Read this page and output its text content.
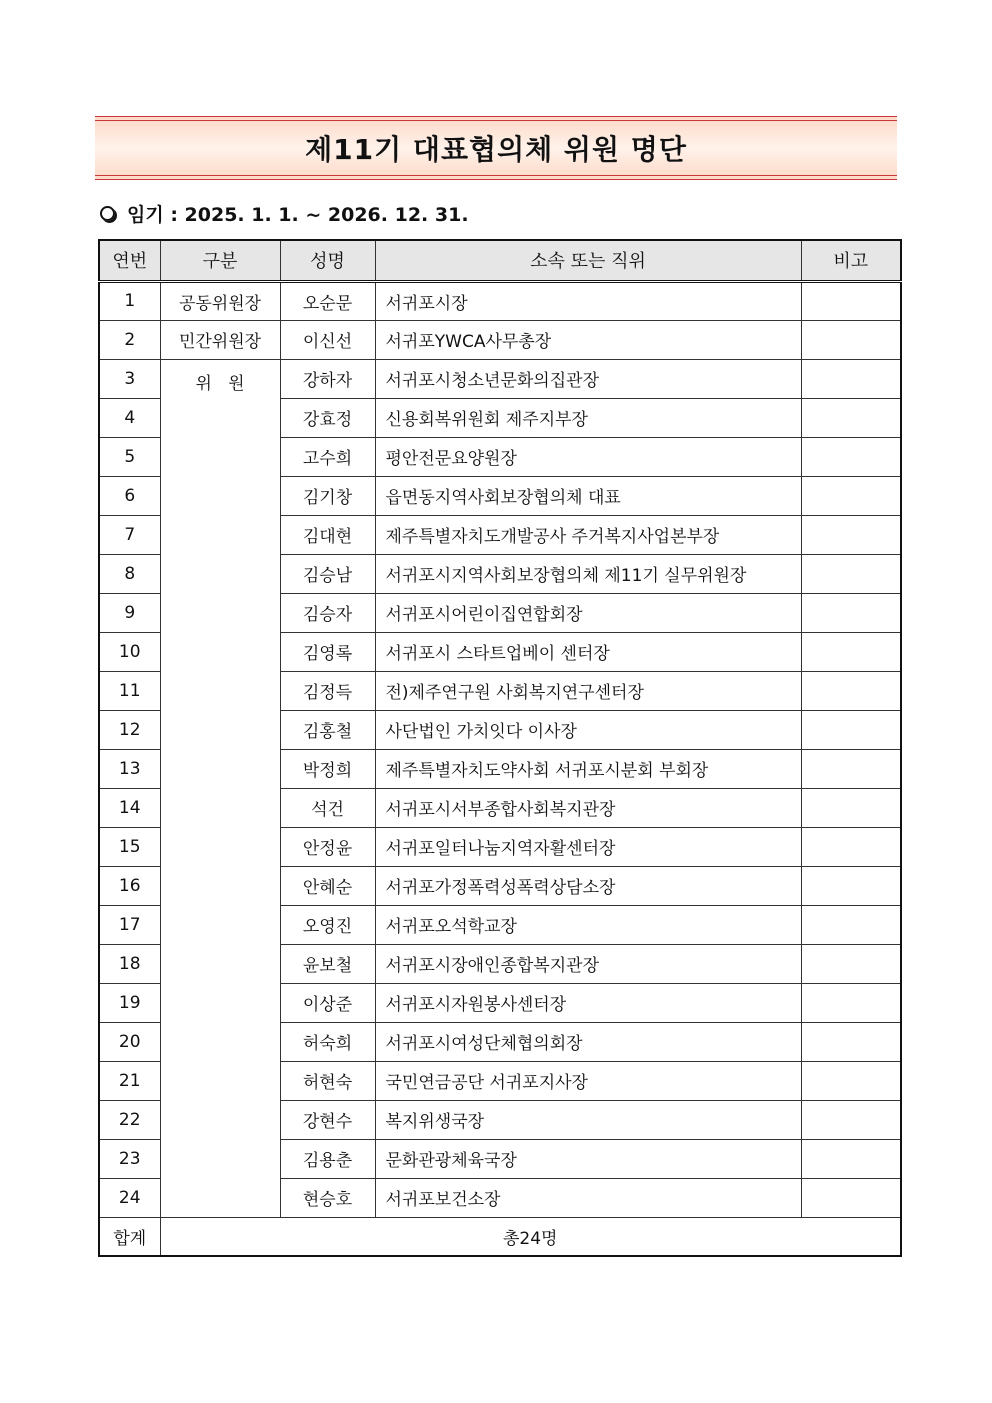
제11기 대표협의체 위원 명단
임기 : 2025. 1. 1. ~ 2026. 12. 31.
연번	구분	성명	소속 또는 직위	비고
1	공동위원장	오순문	서귀포시장	
2	민간위원장	이신선	서귀포YWCA사무총장	
3	위   원	강하자	서귀포시청소년문화의집관장	
4		강효정	신용회복위원회 제주지부장	
5		고수희	평안전문요양원장	
6		김기창	읍면동지역사회보장협의체 대표	
7		김대현	제주특별자치도개발공사 주거복지사업본부장	
8		김승남	서귀포시지역사회보장협의체 제11기 실무위원장	
9		김승자	서귀포시어린이집연합회장	
10		김영록	서귀포시 스타트업베이 센터장	
11		김정득	전)제주연구원 사회복지연구센터장	
12		김홍철	사단법인 가치잇다 이사장	
13		박정희	제주특별자치도약사회 서귀포시분회 부회장	
14		석건	서귀포시서부종합사회복지관장	
15		안정윤	서귀포일터나눔지역자활센터장	
16		안혜순	서귀포가정폭력성폭력상담소장	
17		오영진	서귀포오석학교장	
18		윤보철	서귀포시장애인종합복지관장	
19		이상준	서귀포시자원봉사센터장	
20		허숙희	서귀포시여성단체협의회장	
21		허현숙	국민연금공단 서귀포지사장	
22		강현수	복지위생국장	
23		김용춘	문화관광체육국장	
24		현승호	서귀포보건소장	
합계	총24명			
